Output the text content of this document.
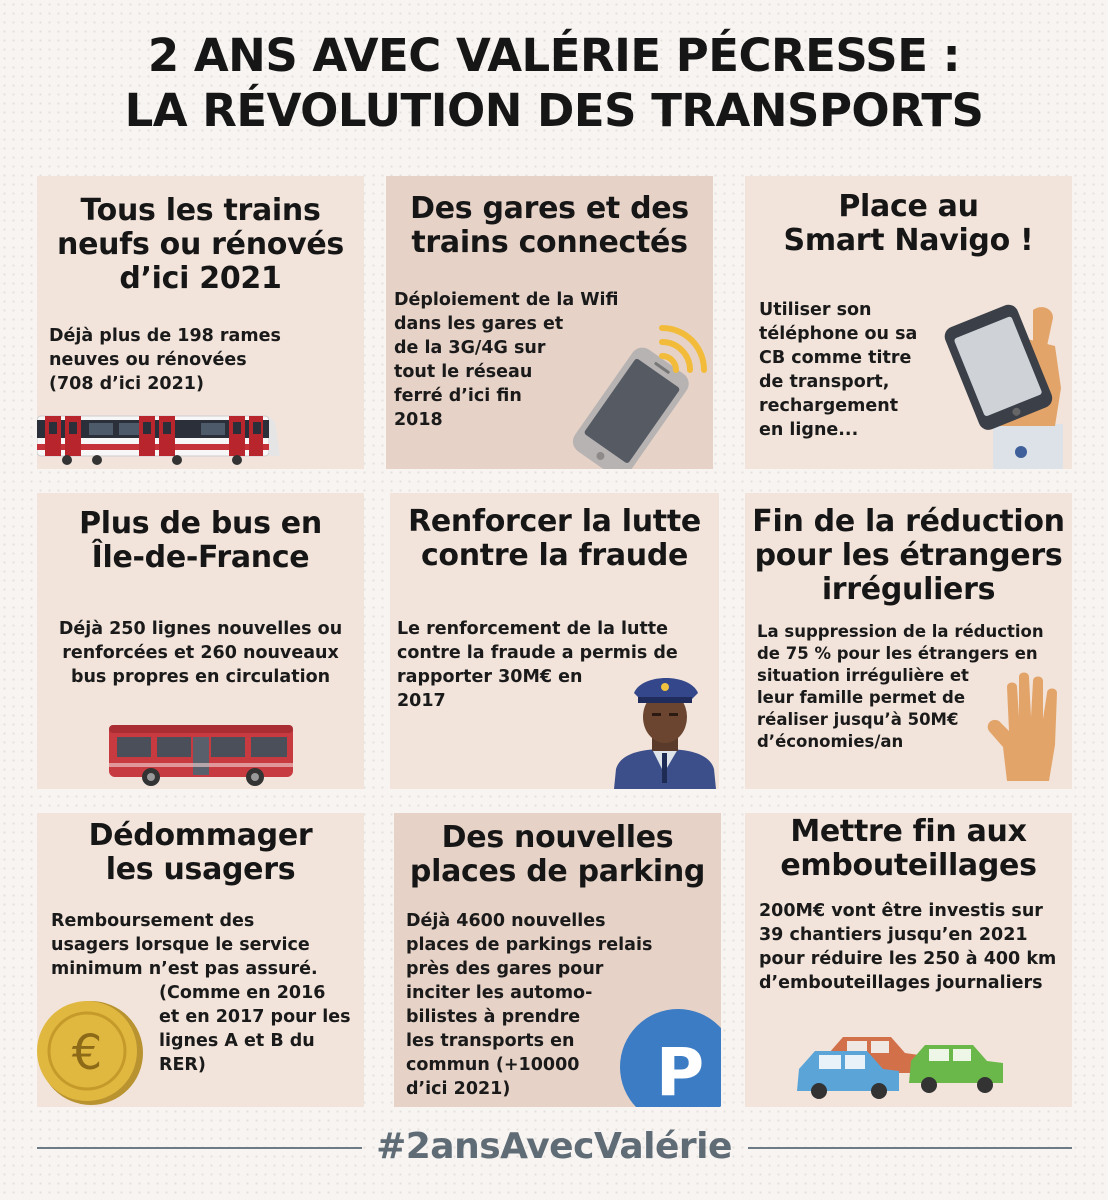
2 ANS AVEC VALÉRIE PÉCRESSE :
LA RÉVOLUTION DES TRANSPORTS
Tous les trains
neufs ou rénovés
d’ici 2021

Déjà plus de 198 rames
neuves ou rénovées
(708 d’ici 2021)

Des gares et des
trains connectés

Déploiement de la Wifi
dans les gares et
de la 3G/4G sur
tout le réseau
ferré d’ici fin
2018

Place au
Smart Navigo !

Utiliser son
téléphone ou sa
CB comme titre
de transport,
rechargement
en ligne...

Plus de bus en
Île-de-France

Déjà 250 lignes nouvelles ou
renforcées et 260 nouveaux
bus propres en circulation

Renforcer la lutte
contre la fraude

Le renforcement de la lutte
contre la fraude a permis de
rapporter 30M€ en
2017

Fin de la réduction
pour les étrangers
irréguliers

La suppression de la réduction
de 75 % pour les étrangers en
situation irrégulière et
leur famille permet de
réaliser jusqu’à 50M€
d’économies/an

Dédommager
les usagers

Remboursement des
usagers lorsque le service
minimum n’est pas assuré.

(Comme en 2016
et en 2017 pour les
lignes A et B du
RER)

€
Des nouvelles
places de parking

Déjà 4600 nouvelles
places de parkings relais
près des gares pour
inciter les automo-
bilistes à prendre
les transports en
commun (+10000
d’ici 2021)	P
Mettre fin aux
embouteillages

200M€ vont être investis sur
39 chantiers jusqu’en 2021
pour réduire les 250 à 400 km
d’embouteillages journaliers

#2ansAvecValérie
